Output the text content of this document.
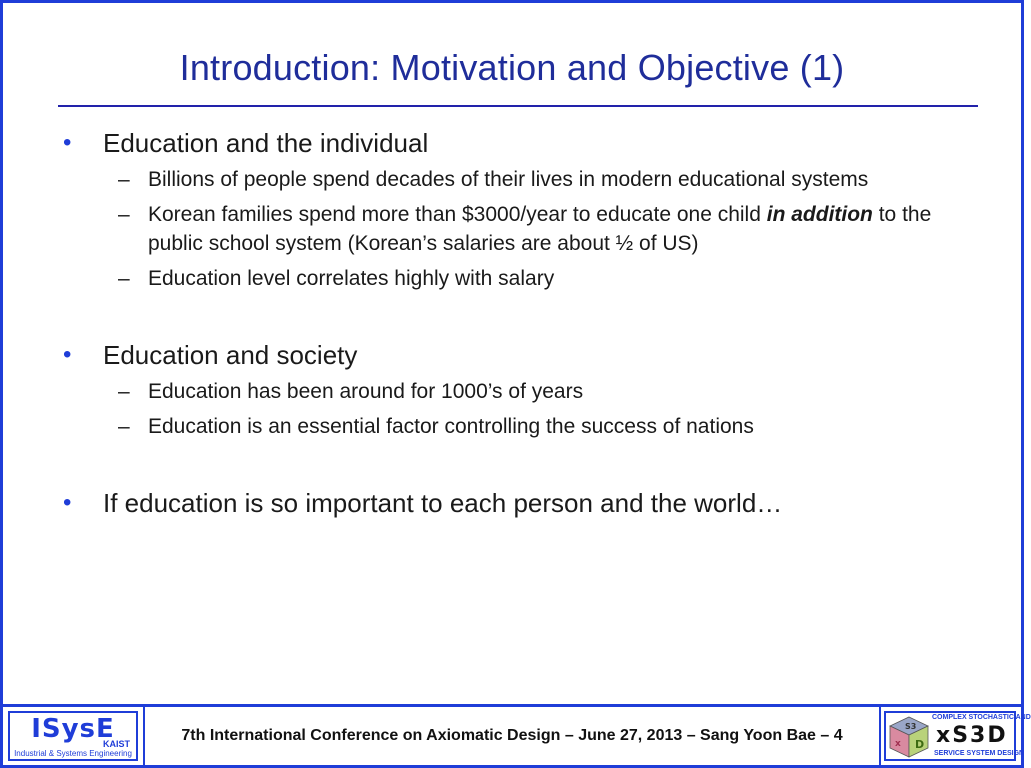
Introduction: Motivation and Objective (1)
• Education and the individual
– Billions of people spend decades of their lives in modern educational systems
– Korean families spend more than $3000/year to educate one child in addition to the public school system (Korean’s salaries are about ½ of US)
– Education level correlates highly with salary
• Education and society
– Education has been around for 1000’s of years
– Education is an essential factor controlling the success of nations
• If education is so important to each person and the world…
ISysE
KAIST
Industrial & Systems Engineering
7th International Conference on Axiomatic Design – June 27, 2013 – Sang Yoon Bae – 4
S3
x D
COMPLEX STOCHASTIC AND
xS3D
SERVICE SYSTEM DESIGN
